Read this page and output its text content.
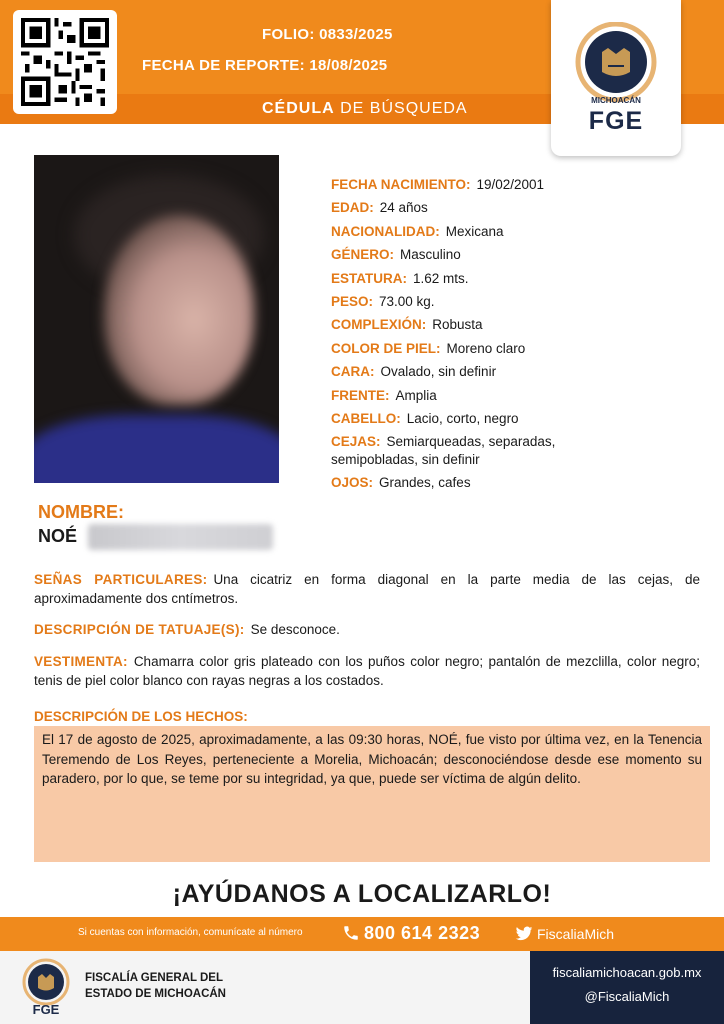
FOLIO: 0833/2025
FECHA DE REPORTE: 18/08/2025
CÉDULA DE BÚSQUEDA	MICHOACÁN
FGE
FECHA NACIMIENTO: 19/02/2001
EDAD: 24 años
NACIONALIDAD: Mexicana
GÉNERO: Masculino
ESTATURA: 1.62 mts.
PESO: 73.00 kg.
COMPLEXIÓN: Robusta
COLOR DE PIEL: Moreno claro
CARA: Ovalado, sin definir
FRENTE: Amplia
CABELLO: Lacio, corto, negro
CEJAS: Semiarqueadas, separadas, semipobladas, sin definir
OJOS: Grandes, cafes
NOMBRE:
NOÉ
SEÑAS PARTICULARES: Una cicatriz en forma diagonal en la parte media de las cejas, de aproximadamente dos cntímetros.
DESCRIPCIÓN DE TATUAJE(S): Se desconoce.
VESTIMENTA: Chamarra color gris plateado con los puños color negro; pantalón de mezclilla, color negro; tenis de piel color blanco con rayas negras a los costados.
DESCRIPCIÓN DE LOS HECHOS:
El 17 de agosto de 2025, aproximadamente, a las 09:30 horas, NOÉ, fue visto por última vez, en la Tenencia Teremendo de Los Reyes, perteneciente a Morelia, Michoacán; desconociéndose desde ese momento su paradero, por lo que, se teme por su integridad, ya que, puede ser víctima de algún delito.
¡AYÚDANOS A LOCALIZARLO!
Si cuentas con información, comunícate al número	800 614 2323	FiscaliaMich
FGE
FISCALÍA GENERAL DEL
ESTADO DE MICHOACÁN
fiscaliamichoacan.gob.mx
@FiscaliaMich
